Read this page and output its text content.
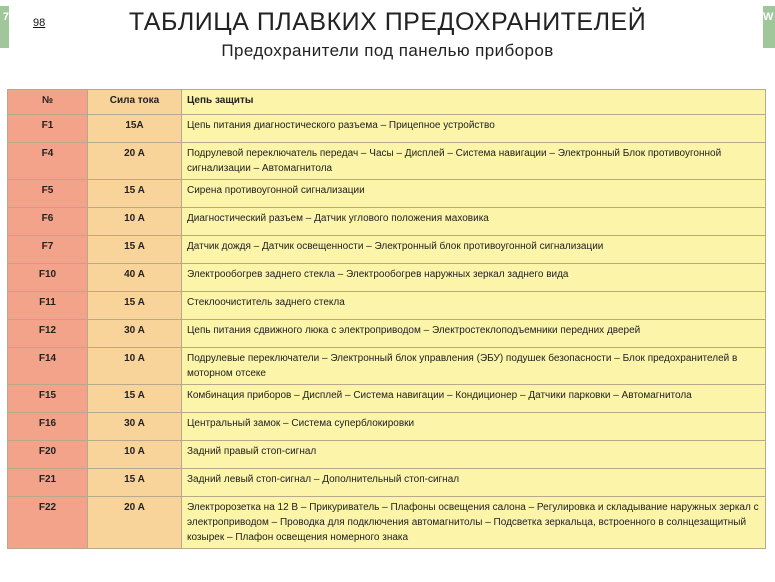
7	W
98	ТАБЛИЦА ПЛАВКИХ ПРЕДОХРАНИТЕЛЕЙ
Предохранители под панелью приборов
№	Сила тока	Цепь защиты
F1	15A	Цепь питания диагностического разъема – Прицепное устройство
F4	20 A	Подрулевой переключатель передач – Часы – Дисплей – Система навигации – Электронный Блок противоугонной сигнализации – Автомагнитола
F5	15 A	Сирена противоугонной сигнализации
F6	10 A	Диагностический разъем – Датчик углового положения маховика
F7	15 A	Датчик дождя – Датчик освещенности – Электронный блок противоугонной сигнализации
F10	40 A	Электрообогрев заднего стекла – Электрообогрев наружных зеркал заднего вида
F11	15 A	Стеклоочиститель заднего стекла
F12	30 A	Цепь питания сдвижного люка с электроприводом – Электростеклоподъемники передних дверей
F14	10 A	Подрулевые переключатели – Электронный блок управления (ЭБУ) подушек безопасности – Блок предохранителей в моторном отсеке
F15	15 A	Комбинация приборов – Дисплей – Система навигации – Кондиционер – Датчики парковки – Автомагнитола
F16	30 A	Центральный замок – Система суперблокировки
F20	10 A	Задний правый стоп-сигнал
F21	15 A	Задний левый стоп-сигнал – Дополнительный стоп-сигнал
F22	20 A	Электророзетка на 12 В – Прикуриватель – Плафоны освещения салона – Регулировка и складывание наружных зеркал с электроприводом – Проводка для подключения автомагнитолы – Подсветка зеркальца, встроенного в солнцезащитный козырек – Плафон освещения номерного знака
